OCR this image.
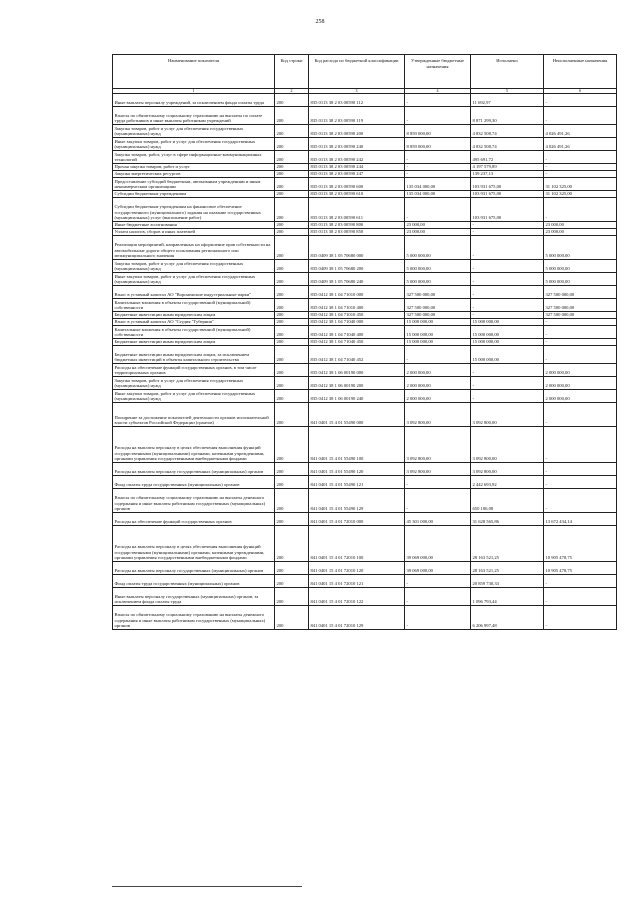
258
Наименование показателя	Код строки	Код расхода по бюджетной классификации	Утвержденные бюджетные назначения	Исполнено	Неисполненные назначения
1	2	3	4	5	6
Иные выплаты персоналу учреждений, за исключением фонда оплаты труда	200	835 0113 38 2 03 00590 112	-	11 692,97	-
Взносы по обязательному социальному страхованию на выплаты по оплате труда работников и иные выплаты работникам учреждений	200	835 0113 38 2 03 00590 119	-	8 871 299,30	-
Закупка товаров, работ и услуг для обеспечения государственных (муниципальных) нужд	200	835 0113 38 2 03 00590 200	8 859 000,00	4 832 508,74	4 026 491,26
Иные закупки товаров, работ и услуг для обеспечения государственных (муниципальных) нужд	200	835 0113 38 2 03 00590 240	8 859 000,00	4 832 508,74	4 026 491,26
Закупка товаров, работ, услуг в сфере информационно-коммуникационных технологий	200	835 0113 38 2 03 00590 242	-	495 691,72	-
Прочая закупка товаров, работ и услуг	200	835 0113 38 2 03 00590 244	-	4 197 579,89	-
Закупка энергетических ресурсов	200	835 0113 38 2 03 00590 247	-	139 237,13	-
Предоставление субсидий бюджетным, автономным учреждениям и иным некоммерческим организациям	200	835 0113 38 2 03 00590 600	135 034 000,00	103 931 675,00	31 102 325,00
Субсидии бюджетным учреждениям	200	835 0113 38 2 03 00590 610	135 034 000,00	103 931 675,00	31 102 325,00
Субсидии бюджетным учреждениям на финансовое обеспечение государственного (муниципального) задания на оказание государственных (муниципальных) услуг (выполнение работ)	200	835 0113 38 2 03 00590 611	-	103 931 675,00	-
Иные бюджетные ассигнования	200	835 0113 38 2 03 00590 800	23 000,00	-	23 000,00
Уплата налогов, сборов и иных платежей	200	835 0113 38 2 03 00590 850	23 000,00	-	23 000,00
Реализация мероприятий, направленных на оформление прав собственности на автомобильные дороги общего пользования регионального или межмуниципального значения	200	835 0409 38 1 05 70680 000	5 000 000,00	-	5 000 000,00
Закупка товаров, работ и услуг для обеспечения государственных (муниципальных) нужд	200	835 0409 38 1 05 70680 200	5 000 000,00	-	5 000 000,00
Иные закупки товаров, работ и услуг для обеспечения государственных (муниципальных) нужд	200	835 0409 38 1 05 70680 240	5 000 000,00	-	5 000 000,00
Взнос в уставный капитал АО "Воронежские индустриальные парки"	200	835 0412 38 1 04 71010 000	327 500 000,00	-	327 500 000,00
Капитальные вложения в объекты государственной (муниципальной) собственности	200	835 0412 38 1 04 71010 400	327 500 000,00	-	327 500 000,00
Бюджетные инвестиции иным юридическим лицам	200	835 0412 38 1 04 71010 450	327 500 000,00	-	327 500 000,00
Взнос в уставный капитал АО "Студия "Губерния"	200	835 0412 38 1 04 71040 000	15 000 000,00	15 000 000,00	-
Капитальные вложения в объекты государственной (муниципальной) собственности	200	835 0412 38 1 04 71040 400	15 000 000,00	15 000 000,00	-
Бюджетные инвестиции иным юридическим лицам	200	835 0412 38 1 04 71040 450	15 000 000,00	15 000 000,00	-
Бюджетные инвестиции иным юридическим лицам, за исключением бюджетных инвестиций в объекты капитального строительства	200	835 0412 38 1 04 71040 452	-	15 000 000,00	-
Расходы на обеспечение функций государственных органов, в том числе территориальных органов	200	835 0412 38 1 06 00190 000	2 000 000,00	-	2 000 000,00
Закупка товаров, работ и услуг для обеспечения государственных (муниципальных) нужд	200	835 0412 38 1 06 00190 200	2 000 000,00	-	2 000 000,00
Иные закупки товаров, работ и услуг для обеспечения государственных (муниципальных) нужд	200	835 0412 38 1 06 00190 240	2 000 000,00	-	2 000 000,00
Поощрение за достижение показателей деятельности органов исполнительной власти субъектов Российской Федерации (грантов)	200	841 0401 15 4 01 55490 000	3 092 800,00	3 092 800,00	-
Расходы на выплаты персоналу в целях обеспечения выполнения функций государственными (муниципальными) органами, казенными учреждениями, органами управления государственными внебюджетными фондами	200	841 0401 15 4 01 55490 100	3 092 800,00	3 092 800,00	-
Расходы на выплаты персоналу государственных (муниципальных) органов	200	841 0401 15 4 01 55490 120	3 092 800,00	3 092 800,00	-
Фонд оплаты труда государственных (муниципальных) органов	200	841 0401 15 4 01 55490 121	-	2 442 693,92	-
Взносы по обязательному социальному страхованию на выплаты денежного содержания и иные выплаты работникам государственных (муниципальных) органов	200	841 0401 15 4 01 55490 129	-	650 106,08	-
Расходы на обеспечение функций государственных органов	200	841 0401 15 4 01 72010 000	45 301 000,00	31 628 565,86	13 672 434,14
Расходы на выплаты персоналу в целях обеспечения выполнения функций государственными (муниципальными) органами, казенными учреждениями, органами управления государственными внебюджетными фондами	200	841 0401 15 4 01 72010 100	39 069 000,00	28 163 521,25	10 905 478,75
Расходы на выплаты персоналу государственных (муниципальных) органов	200	841 0401 15 4 01 72010 120	39 069 000,00	28 163 521,25	10 905 478,75
Фонд оплаты труда государственных (муниципальных) органов	200	841 0401 15 4 01 72010 121	-	20 859 730,33	-
Иные выплаты персоналу государственных (муниципальных) органов, за исключением фонда оплаты труда	200	841 0401 15 4 01 72010 122	-	1 096 793,44	-
Взносы по обязательному социальному страхованию на выплаты денежного содержания и иные выплаты работникам государственных (муниципальных) органов	200	841 0401 15 4 01 72010 129	-	6 206 997,48	-
